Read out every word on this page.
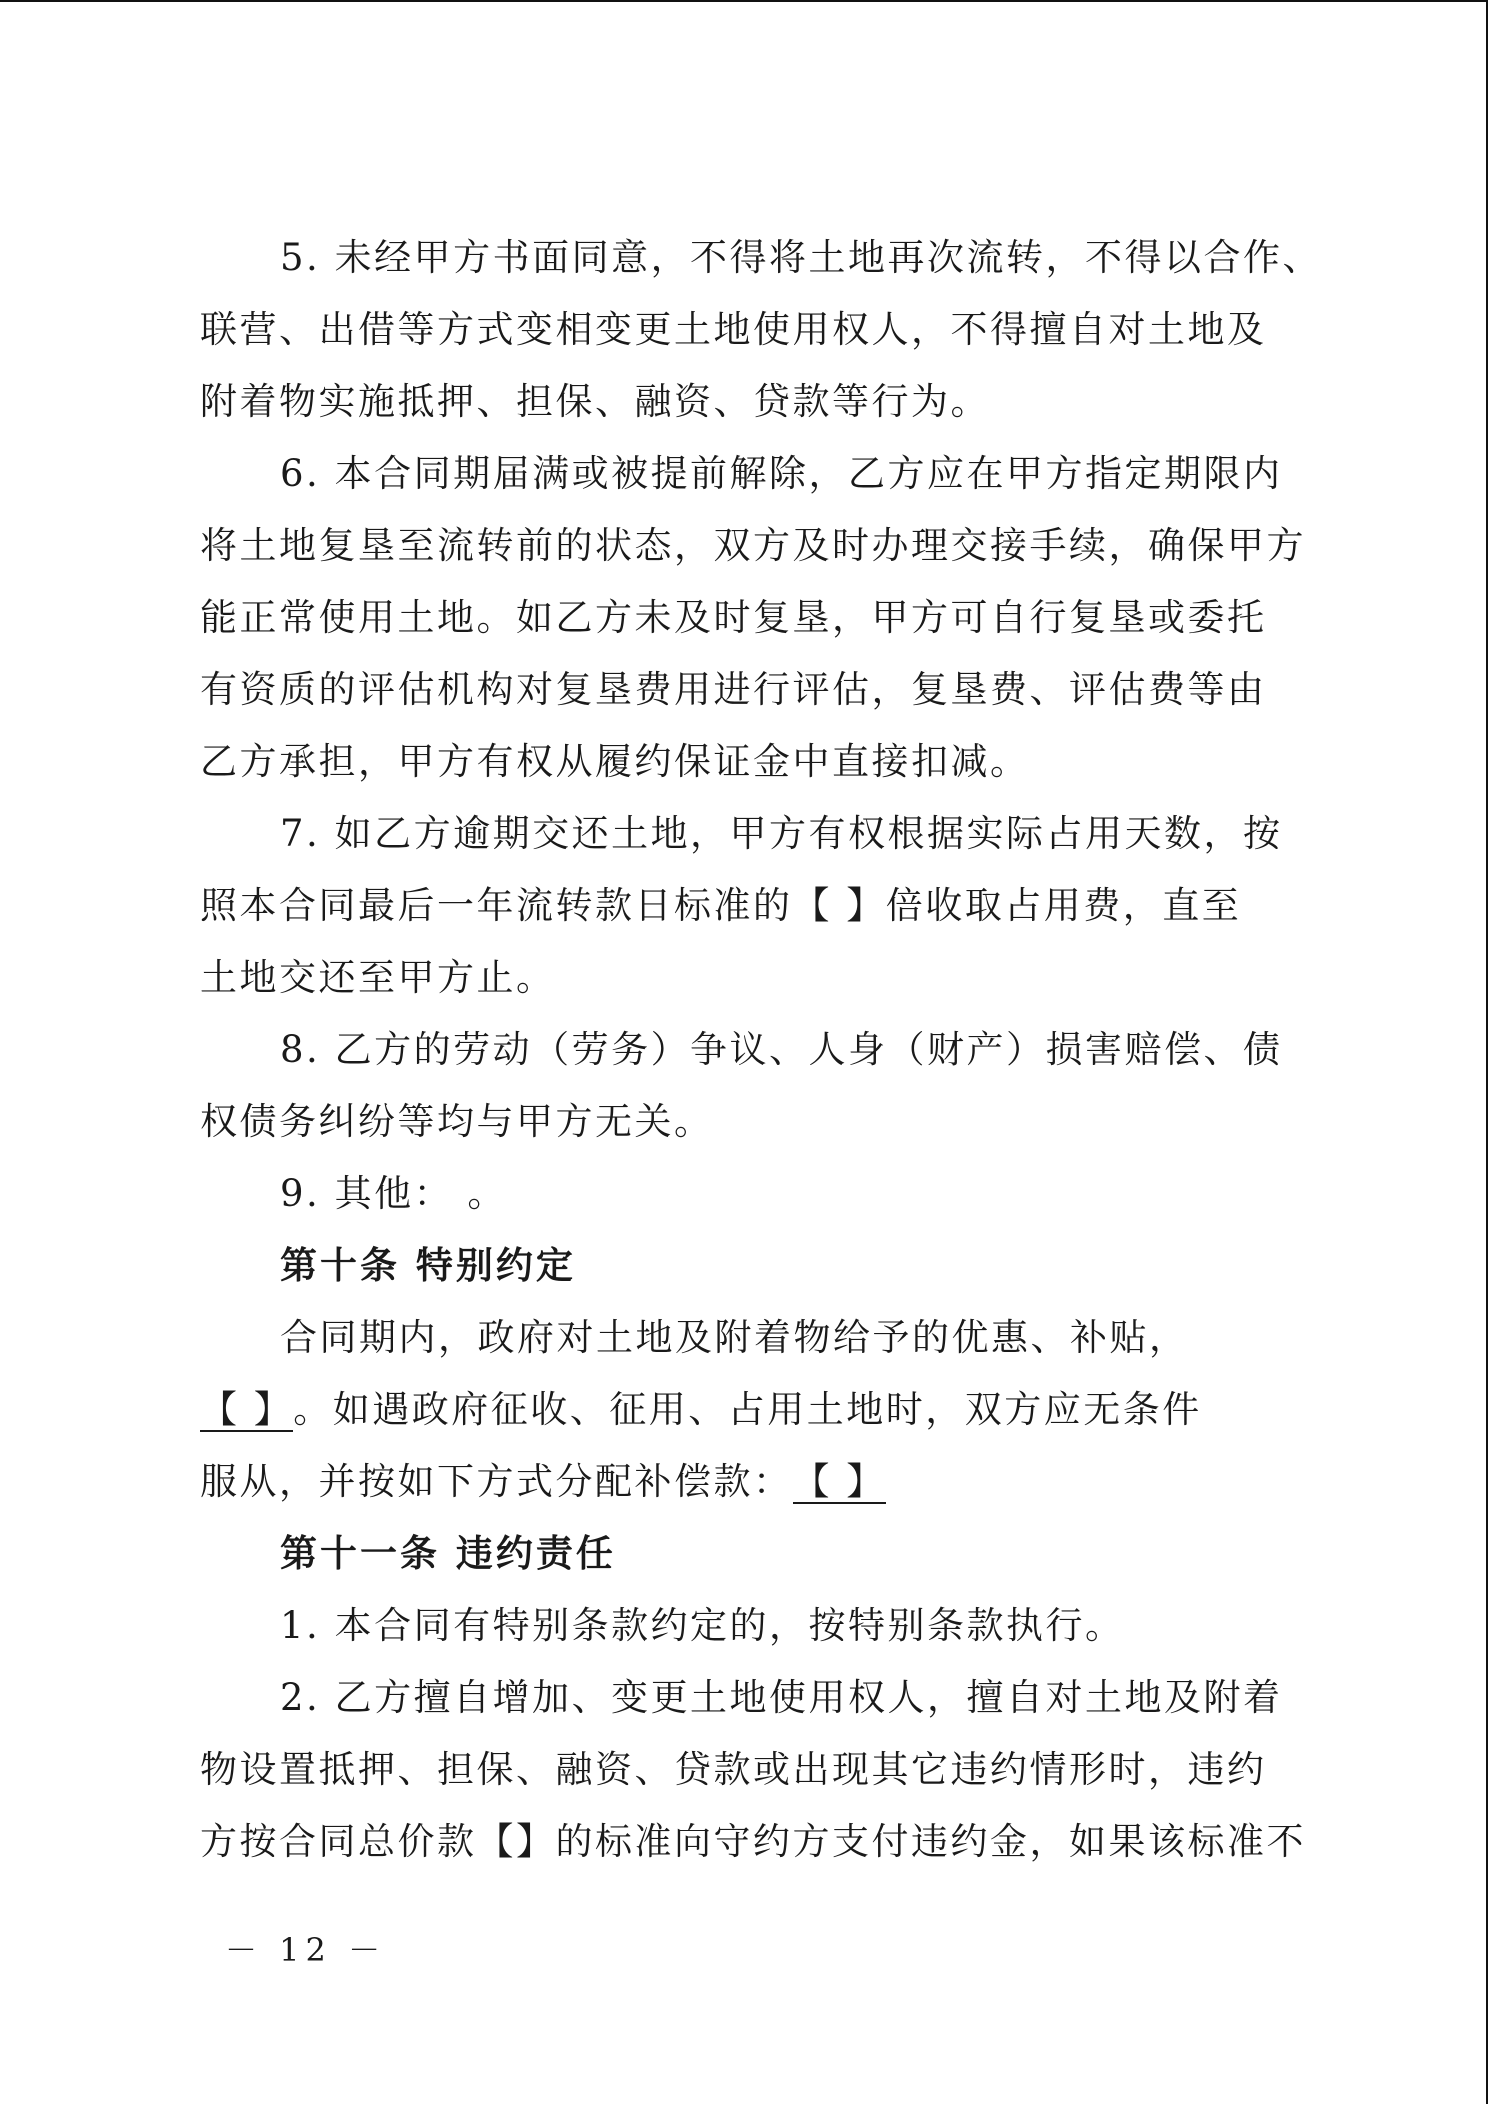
5. 未经甲方书面同意，不得将土地再次流转，不得以合作、
联营、出借等方式变相变更土地使用权人，不得擅自对土地及
附着物实施抵押、担保、融资、贷款等行为。
6. 本合同期届满或被提前解除，乙方应在甲方指定期限内
将土地复垦至流转前的状态，双方及时办理交接手续，确保甲方
能正常使用土地。如乙方未及时复垦，甲方可自行复垦或委托
有资质的评估机构对复垦费用进行评估，复垦费、评估费等由
乙方承担，甲方有权从履约保证金中直接扣减。
7. 如乙方逾期交还土地，甲方有权根据实际占用天数，按
照本合同最后一年流转款日标准的【 】倍收取占用费，直至
土地交还至甲方止。
8. 乙方的劳动（劳务）争议、人身（财产）损害赔偿、债
权债务纠纷等均与甲方无关。
9. 其他： 。
第十条 特别约定
合同期内，政府对土地及附着物给予的优惠、补贴，
【 】。如遇政府征收、征用、占用土地时，双方应无条件
服从，并按如下方式分配补偿款：【 】
第十一条 违约责任
1. 本合同有特别条款约定的，按特别条款执行。
2. 乙方擅自增加、变更土地使用权人，擅自对土地及附着
物设置抵押、担保、融资、贷款或出现其它违约情形时，违约
方按合同总价款【】的标准向守约方支付违约金，如果该标准不
－ 12 －
